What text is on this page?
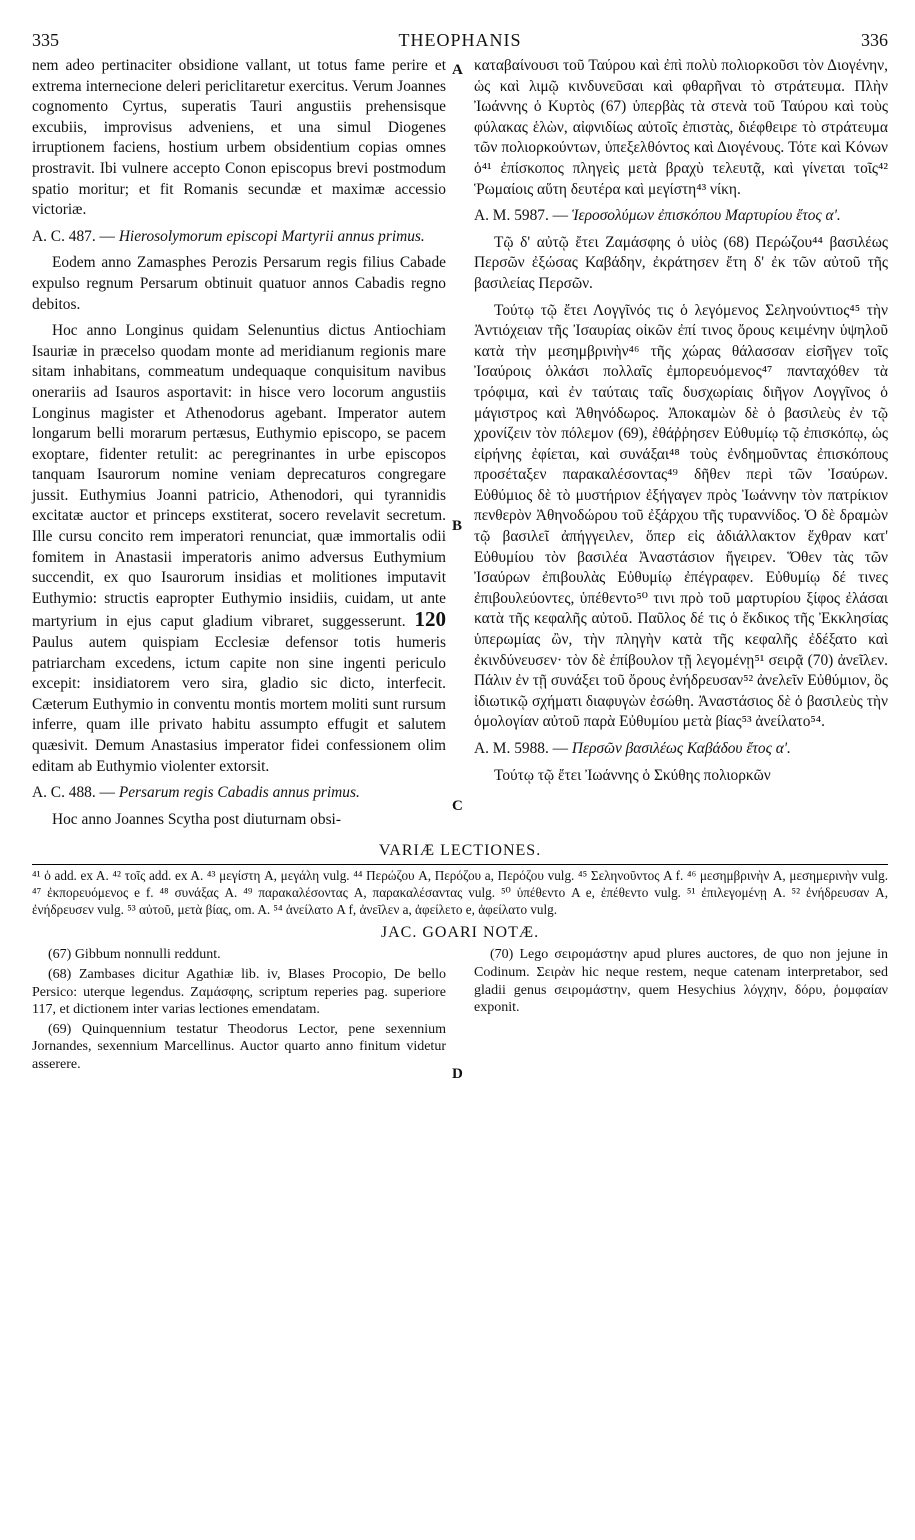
335	THEOPHANIS	336
A
B
C
D

nem adeo pertinaciter obsidione vallant, ut totus fame perire et extrema internecione deleri periclitaretur exercitus. Verum Joannes cognomento Cyrtus, superatis Tauri angustiis prehensisque excubiis, improvisus adveniens, et una simul Diogenes irruptionem faciens, hostium urbem obsidentium copias omnes prostravit. Ibi vulnere accepto Conon episcopus brevi postmodum spatio moritur; et fit Romanis secundæ et maximæ accessio victoriæ.

A. C. 487. — Hierosolymorum episcopi Martyrii annus primus.

Eodem anno Zamasphes Perozis Persarum regis filius Cabade expulso regnum Persarum obtinuit quatuor annos Cabadis regno debitos.

Hoc anno Longinus quidam Selenuntius dictus Antiochiam Isauriæ in præcelso quodam monte ad meridianum regionis mare sitam inhabitans, commeatum undequaque conquisitum navibus onerariis ad Isauros asportavit: in hisce vero locorum angustiis Longinus magister et Athenodorus agebant. Imperator autem longarum belli morarum pertæsus, Euthymio episcopo, se pacem exoptare, fidenter retulit: ac peregrinantes in urbe episcopos tanquam Isaurorum nomine veniam deprecaturos congregare jussit. Euthymius Joanni patricio, Athenodori, qui tyrannidis excitatæ auctor et princeps exstiterat, socero revelavit secretum. Ille cursu concito rem imperatori renunciat, quæ immortalis odii fomitem in Anastasii imperatoris animo adversus Euthymium succendit, ex quo Isaurorum insidias et molitiones imputavit Euthymio: structis eapropter Euthymio insidiis, cuidam, ut ante martyrium in ejus caput gladium vibraret, suggesserunt. 120 Paulus autem quispiam Ecclesiæ defensor totis humeris patriarcham excedens, ictum capite non sine ingenti periculo excepit: insidiatorem vero sira, gladio sic dicto, interfecit. Cæterum Euthymio in conventu montis mortem moliti sunt rursum inferre, quam ille privato habitu assumpto effugit et salutem quæsivit. Demum Anastasius imperator fidei confessionem olim editam ab Euthymio violenter extorsit.

A. C. 488. — Persarum regis Cabadis annus primus.

Hoc anno Joannes Scytha post diuturnam obsi-

καταβαίνουσι τοῦ Ταύρου καὶ ἐπὶ πολὺ πολιορκοῦσι τὸν Διογένην, ὡς καὶ λιμῷ κινδυνεῦσαι καὶ φθαρῆναι τὸ στράτευμα. Πλὴν Ἰωάννης ὁ Κυρτὸς (67) ὑπερβὰς τὰ στενὰ τοῦ Ταύρου καὶ τοὺς φύλακας ἑλὼν, αἰφνιδίως αὐτοῖς ἐπιστὰς, διέφθειρε τὸ στράτευμα τῶν πολιορκούντων, ὑπεξελθόντος καὶ Διογένους. Τότε καὶ Κόνων ὁ⁴¹ ἐπίσκοπος πληγεὶς μετὰ βραχὺ τελευτᾷ, καὶ γίνεται τοῖς⁴² Ῥωμαίοις αὕτη δευτέρα καὶ μεγίστη⁴³ νίκη.

A. M. 5987. — Ἱεροσολύμων ἐπισκόπου Μαρτυρίου ἔτος α'.

Τῷ δ' αὐτῷ ἔτει Ζαμάσφης ὁ υἱὸς (68) Περώζου⁴⁴ βασιλέως Περσῶν ἐξώσας Καβάδην, ἐκράτησεν ἔτη δ' ἐκ τῶν αὐτοῦ τῆς βασιλείας Περσῶν.

Τούτῳ τῷ ἔτει Λογγῖνός τις ὁ λεγόμενος Σεληνούντιος⁴⁵ τὴν Ἀντιόχειαν τῆς Ἰσαυρίας οἰκῶν ἐπί τινος ὄρους κειμένην ὑψηλοῦ κατὰ τὴν μεσημβρινὴν⁴⁶ τῆς χώρας θάλασσαν εἰσῆγεν τοῖς Ἰσαύροις ὁλκάσι πολλαῖς ἐμπορευόμενος⁴⁷ πανταχόθεν τὰ τρόφιμα, καὶ ἐν ταύταις ταῖς δυσχωρίαις διῆγον Λογγῖνος ὁ μάγιστρος καὶ Ἀθηνόδωρος. Ἀποκαμὼν δὲ ὁ βασιλεὺς ἐν τῷ χρονίζειν τὸν πόλεμον (69), ἐθάῤῥησεν Εὐθυμίῳ τῷ ἐπισκόπῳ, ὡς εἰρήνης ἐφίεται, καὶ συνάξαι⁴⁸ τοὺς ἐνδημοῦντας ἐπισκόπους προσέταξεν παρακαλέσοντας⁴⁹ δῆθεν περὶ τῶν Ἰσαύρων. Εὐθύμιος δὲ τὸ μυστήριον ἐξήγαγεν πρὸς Ἰωάννην τὸν πατρίκιον πενθερὸν Ἀθηνοδώρου τοῦ ἐξάρχου τῆς τυραννίδος. Ὁ δὲ δραμὼν τῷ βασιλεῖ ἀπήγγειλεν, ὅπερ εἰς ἀδιάλλακτον ἔχθραν κατ' Εὐθυμίου τὸν βασιλέα Ἀναστάσιον ἤγειρεν. Ὅθεν τὰς τῶν Ἰσαύρων ἐπιβουλὰς Εὐθυμίῳ ἐπέγραφεν. Εὐθυμίῳ δέ τινες ἐπιβουλεύοντες, ὑπέθεντο⁵⁰ τινι πρὸ τοῦ μαρτυρίου ξίφος ἐλάσαι κατὰ τῆς κεφαλῆς αὐτοῦ. Παῦλος δέ τις ὁ ἔκδικος τῆς Ἐκκλησίας ὑπερωμίας ὢν, τὴν πληγὴν κατὰ τῆς κεφαλῆς ἐδέξατο καὶ ἐκινδύνευσεν· τὸν δὲ ἐπίβουλον τῇ λεγομένῃ⁵¹ σειρᾷ (70) ἀνεῖλεν. Πάλιν ἐν τῇ συνάξει τοῦ ὄρους ἐνήδρευσαν⁵² ἀνελεῖν Εὐθύμιον, ὃς ἰδιωτικῷ σχήματι διαφυγὼν ἐσώθη. Ἀναστάσιος δὲ ὁ βασιλεὺς τὴν ὁμολογίαν αὐτοῦ παρὰ Εὐθυμίου μετὰ βίας⁵³ ἀνείλατο⁵⁴.

A. M. 5988. — Περσῶν βασιλέως Καβάδου ἔτος α'.

Τούτῳ τῷ ἔτει Ἰωάννης ὁ Σκύθης πολιορκῶν

VARIÆ LECTIONES.
⁴¹ ὁ add. ex A. ⁴² τοῖς add. ex A. ⁴³ μεγίστη A, μεγάλη vulg. ⁴⁴ Περώζου A, Περόζου a, Περόζου vulg. ⁴⁵ Σεληνοῦντος A f. ⁴⁶ μεσημβρινὴν A, μεσημερινὴν vulg. ⁴⁷ ἐκπορευόμενος e f. ⁴⁸ συνάξας A. ⁴⁹ παρακαλέσοντας A, παρακαλέσαντας vulg. ⁵⁰ ὑπέθεντο A e, ἐπέθεντο vulg. ⁵¹ ἐπιλεγομένῃ A. ⁵² ἐνήδρευσαν A, ἐνήδρευσεν vulg. ⁵³ αὐτοῦ, μετὰ βίας, om. A. ⁵⁴ ἀνείλατο A f, ἀνεῖλεν a, ἀφείλετο e, ἀφείλατο vulg.
JAC. GOARI NOTÆ.

(67) Gibbum nonnulli reddunt.

(68) Zambases dicitur Agathiæ lib. iv, Blases Procopio, De bello Persico: uterque legendus. Ζαμάσφης, scriptum reperies pag. superiore 117, et dictionem inter varias lectiones emendatam.

(69) Quinquennium testatur Theodorus Lector, pene sexennium Jornandes, sexennium Marcellinus. Auctor quarto anno finitum videtur asserere.

(70) Lego σειρομάστην apud plures auctores, de quo non jejune in Codinum. Σειρὰν hic neque restem, neque catenam interpretabor, sed gladii genus σειρομάστην, quem Hesychius λόγχην, δόρυ, ῥομφαίαν exponit.
